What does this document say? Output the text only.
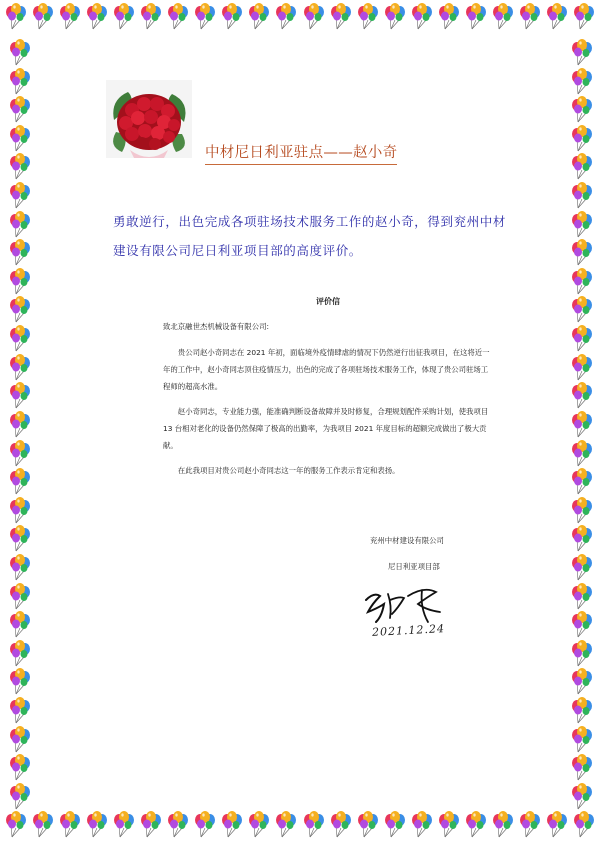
中材尼日利亚驻点——赵小奇
勇敢逆行，出色完成各项驻场技术服务工作的赵小奇，得到兖州中材建设有限公司尼日利亚项目部的高度评价。
评价信
致北京融世杰机械设备有限公司:

贵公司赵小奇同志在 2021 年初，面临境外疫情肆虐的情况下仍然逆行出征我项目，在这将近一年的工作中，赵小奇同志顶住疫情压力，出色的完成了各项驻场技术服务工作，体现了贵公司驻场工程师的超高水准。

赵小奇同志，专业能力强，能准确判断设备故障并及时修复，合理规划配件采购计划，使我项目 13 台相对老化的设备仍然保障了极高的出勤率，为我项目 2021 年度目标的超额完成做出了极大贡献。

在此我项目对贵公司赵小奇同志这一年的服务工作表示肯定和表扬。

兖州中材建设有限公司
尼日利亚项目部
2021.12.24
